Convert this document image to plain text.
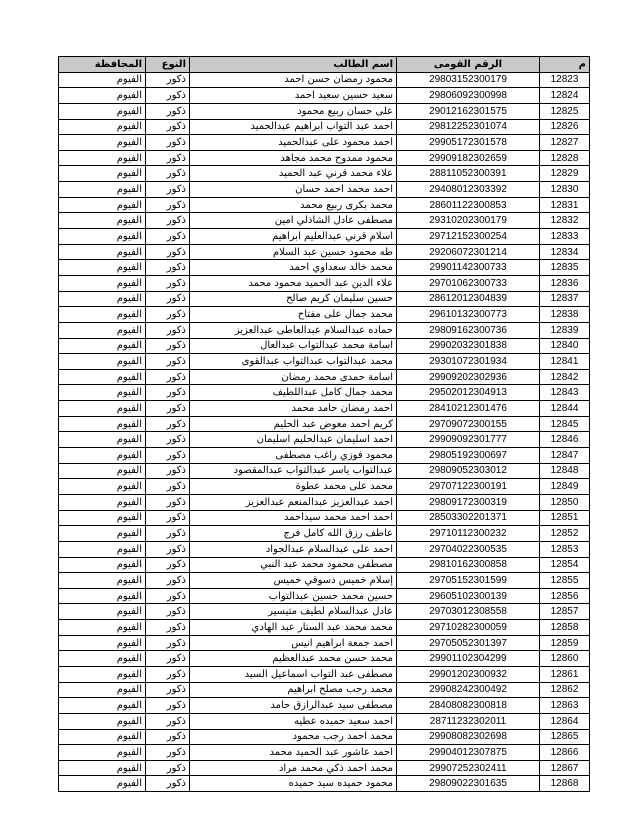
المحافظة	النوع	اسم الطالب	الرقم القومى	م
الفيوم	ذكور	محمود رمضان حسن احمد	29803152300179	12823
الفيوم	ذكور	سعيد حسين سعيد احمد	29806092300998	12824
الفيوم	ذكور	على حسان ربيع محمود	29012162301575	12825
الفيوم	ذكور	احمد عبد التواب ابراهيم عبدالحميد	29812252301074	12826
الفيوم	ذكور	احمد محمود على عبدالحميد	29905172301578	12827
الفيوم	ذكور	محمود ممدوح محمد مجاهد	29909182302659	12828
الفيوم	ذكور	علاء محمد قرني عبد الحميد	28811052300391	12829
الفيوم	ذكور	احمد محمد احمد حسان	29408012303392	12830
الفيوم	ذكور	محمد بكرى ربيع محمد	28601122300853	12831
الفيوم	ذكور	مصطفى عادل الشاذلي امين	29310202300179	12832
الفيوم	ذكور	اسلام قرني عبدالعليم ابراهيم	29712152300254	12833
الفيوم	ذكور	طه محمود حسين عبد السلام	29206072301214	12834
الفيوم	ذكور	محمد خالد سعداوي احمد	29901142300733	12835
الفيوم	ذكور	علاء الدين عبد الحميد محمود محمد	29701062300733	12836
الفيوم	ذكور	حسين سليمان كريم صالح	28612012304839	12837
الفيوم	ذكور	محمد جمال على مفتاح	29610132300773	12838
الفيوم	ذكور	حماده عبدالسلام عبدالعاطى عبدالعزيز	29809162300736	12839
الفيوم	ذكور	اسامة محمد عبدالتواب عبدالعال	29902032301838	12840
الفيوم	ذكور	محمد عبدالتواب عبدالتواب عبدالقوى	29301072301934	12841
الفيوم	ذكور	اسامة حمدى محمد رمضان	29909202302936	12842
الفيوم	ذكور	محمد جمال كامل عبداللطيف	29502012304913	12843
الفيوم	ذكور	احمد رمضان حامد محمد	28410212301476	12844
الفيوم	ذكور	كريم احمد معوض عبد الحليم	29709072300155	12845
الفيوم	ذكور	احمد اسليمان عبدالحليم اسليمان	29909092301777	12846
الفيوم	ذكور	محمود فوزي راغب مصطفى	29805192300697	12847
الفيوم	ذكور	عبدالتواب ياسر عبدالتواب عبدالمقصود	29809052303012	12848
الفيوم	ذكور	محمد على محمد عطوة	29707122300191	12849
الفيوم	ذكور	احمد عبدالعزيز عبدالمنعم عبدالعزيز	29809172300319	12850
الفيوم	ذكور	احمد احمد محمد سيداحمد	28503302201371	12851
الفيوم	ذكور	عاطف رزق الله كامل فرج	29710112300232	12852
الفيوم	ذكور	احمد على عبدالسلام عبدالجواد	29704022300535	12853
الفيوم	ذكور	مصطفى محمود محمد عبد النبي	29810162300858	12854
الفيوم	ذكور	إسلام خميس دسوقي خميس	29705152301599	12855
الفيوم	ذكور	حسين محمد حسين عبدالتواب	29605102300139	12856
الفيوم	ذكور	عادل عبدالسلام لطيف متيسير	29703012308558	12857
الفيوم	ذكور	محمد محمد عبد الستار عبد الهادي	29710282300059	12858
الفيوم	ذكور	احمد جمعة ابراهيم انيس	29705052301397	12859
الفيوم	ذكور	محمد حسن محمد عبدالعظيم	29901102304299	12860
الفيوم	ذكور	مصطفى عبد التواب اسماعيل السيد	29901202300932	12861
الفيوم	ذكور	محمد رجب مصلح ابراهيم	29908242300492	12862
الفيوم	ذكور	مصطفى سيد عبدالرازق حامد	28408082300818	12863
الفيوم	ذكور	احمد سعيد حميده عطيه	28711232302011	12864
الفيوم	ذكور	محمد احمد رجب محمود	29908082302698	12865
الفيوم	ذكور	احمد عاشور عبد الحميد محمد	29904012307875	12866
الفيوم	ذكور	محمد احمد ذكي محمد مراد	29907252302411	12867
الفيوم	ذكور	محمود حميده سيد حميده	29809022301635	12868
